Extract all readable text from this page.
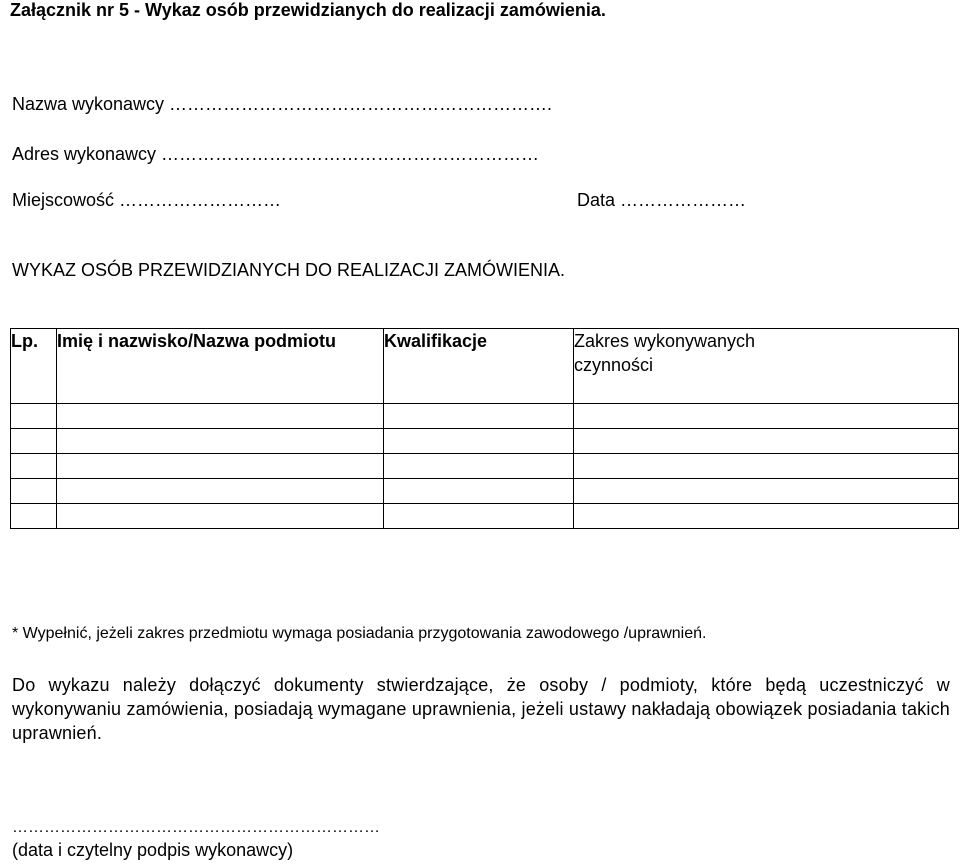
Załącznik nr 5 - Wykaz osób przewidzianych do realizacji zamówienia.
Nazwa wykonawcy ……………………………………………………….
Adres wykonawcy ………………………………………………………
Miejscowość ………………………	Data …………………
WYKAZ OSÓB PRZEWIDZIANYCH DO REALIZACJI ZAMÓWIENIA.
Lp.	Imię i nazwisko/Nazwa podmiotu	Kwalifikacje	Zakres wykonywanych czynności

* Wypełnić, jeżeli zakres przedmiotu wymaga posiadania przygotowania zawodowego /uprawnień.
Do wykazu należy dołączyć dokumenty stwierdzające, że osoby / podmioty, które będą uczestniczyć w wykonywaniu zamówienia, posiadają wymagane uprawnienia, jeżeli ustawy nakładają obowiązek posiadania takich uprawnień.
……………………………………………………………
(data i czytelny podpis wykonawcy)
